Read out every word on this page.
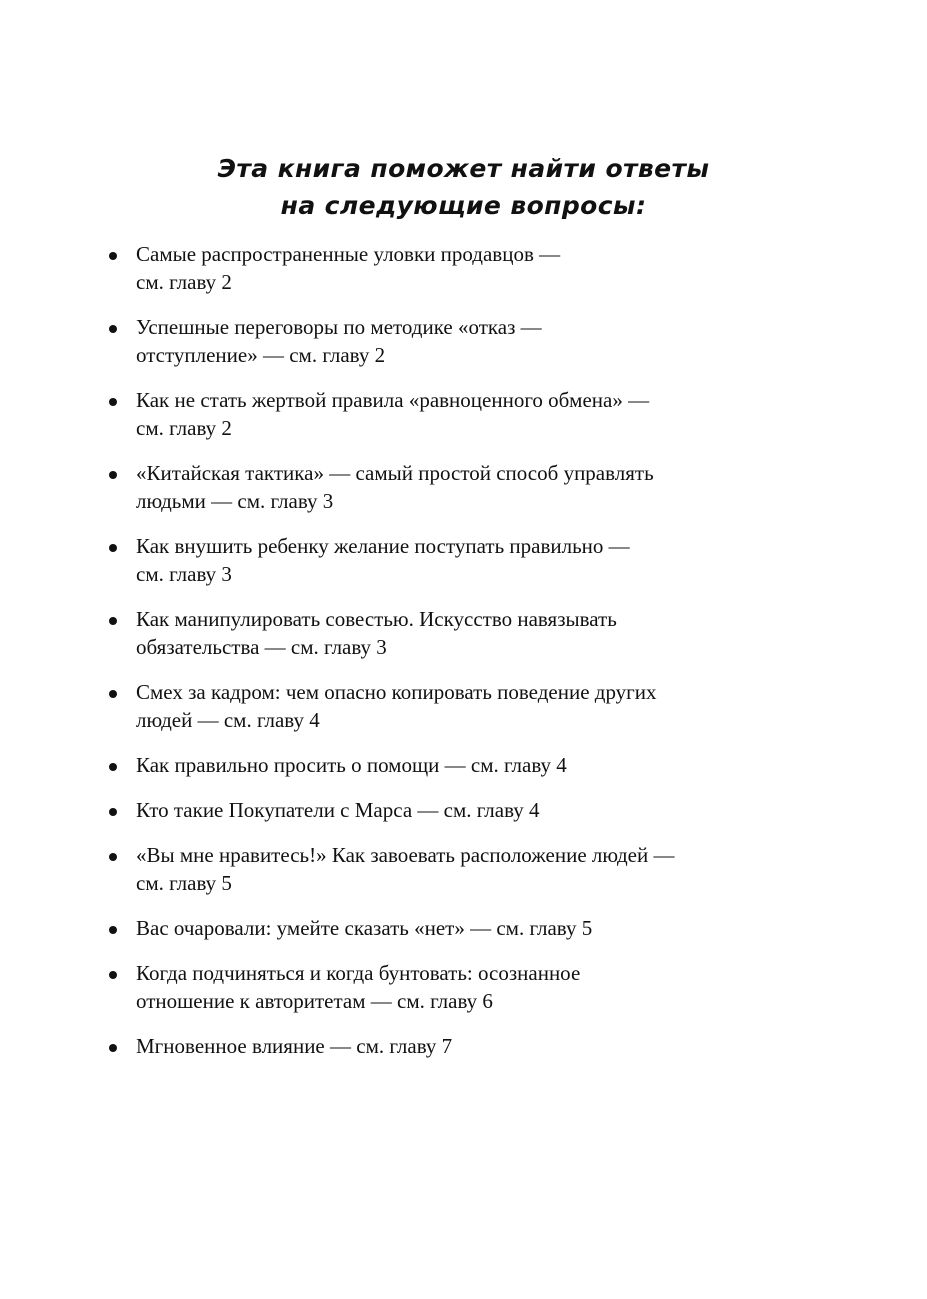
Эта книга поможет найти ответы
на следующие вопросы:
Самые распространенные уловки продавцов —
см. главу 2
Успешные переговоры по методике «отказ —
отступление» — см. главу 2
Как не стать жертвой правила «равноценного обмена» —
см. главу 2
«Китайская тактика» — самый простой способ управлять
людьми — см. главу 3
Как внушить ребенку желание поступать правильно —
см. главу 3
Как манипулировать совестью. Искусство навязывать
обязательства — см. главу 3
Смех за кадром: чем опасно копировать поведение других
людей — см. главу 4
Как правильно просить о помощи — см. главу 4
Кто такие Покупатели с Марса — см. главу 4
«Вы мне нравитесь!» Как завоевать расположение людей —
см. главу 5
Вас очаровали: умейте сказать «нет» — см. главу 5
Когда подчиняться и когда бунтовать: осознанное
отношение к авторитетам — см. главу 6
Мгновенное влияние — см. главу 7
